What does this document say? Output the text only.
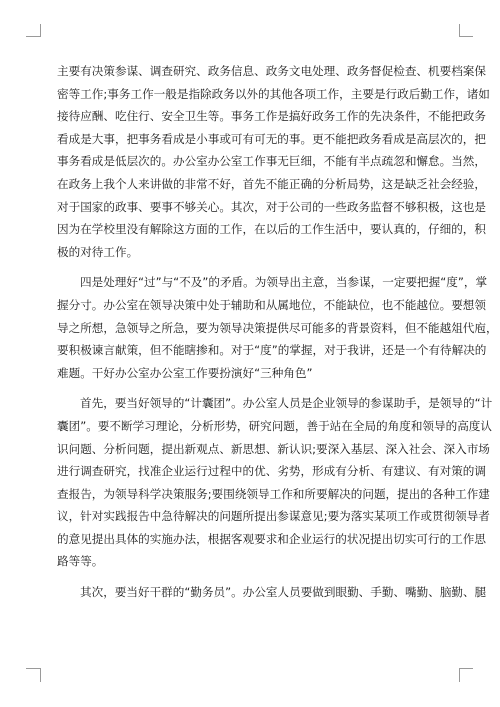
主要有决策参谋、调查研究、政务信息、政务文电处理、政务督促检查、机要档案保
密等工作;事务工作一般是指除政务以外的其他各项工作，主要是行政后勤工作，诸如
接待应酬、吃住行、安全卫生等。事务工作是搞好政务工作的先决条件，不能把政务
看成是大事，把事务看成是小事或可有可无的事。更不能把政务看成是高层次的，把
事务看成是低层次的。办公室办公室工作事无巨细，不能有半点疏忽和懈怠。当然，
在政务上我个人来讲做的非常不好，首先不能正确的分析局势，这是缺乏社会经验，
对于国家的政事、要事不够关心。其次，对于公司的一些政务监督不够积极，这也是
因为在学校里没有解除这方面的工作，在以后的工作生活中，要认真的，仔细的，积
极的对待工作。
四是处理好“过”与“不及”的矛盾。为领导出主意，当参谋，一定要把握“度”，掌
握分寸。办公室在领导决策中处于辅助和从属地位，不能缺位，也不能越位。要想领
导之所想，急领导之所急，要为领导决策提供尽可能多的背景资料，但不能越俎代庖，
要积极谏言献策，但不能瞎掺和。对于“度”的掌握，对于我讲，还是一个有待解决的
难题。干好办公室办公室工作要扮演好“三种角色”
首先，要当好领导的“计囊团”。办公室人员是企业领导的参谋助手，是领导的“计
囊团”。要不断学习理论，分析形势，研究问题，善于站在全局的角度和领导的高度认
识问题、分析问题，提出新观点、新思想、新认识;要深入基层、深入社会、深入市场
进行调查研究，找准企业运行过程中的优、劣势，形成有分析、有建议、有对策的调
查报告，为领导科学决策服务;要围绕领导工作和所要解决的问题，提出的各种工作建
议，针对实践报告中急待解决的问题所提出参谋意见;要为落实某项工作或贯彻领导者
的意见提出具体的实施办法，根据客观要求和企业运行的状况提出切实可行的工作思
路等等。
其次，要当好干群的“勤务员”。办公室人员要做到眼勤、手勤、嘴勤、脑勤、腿
